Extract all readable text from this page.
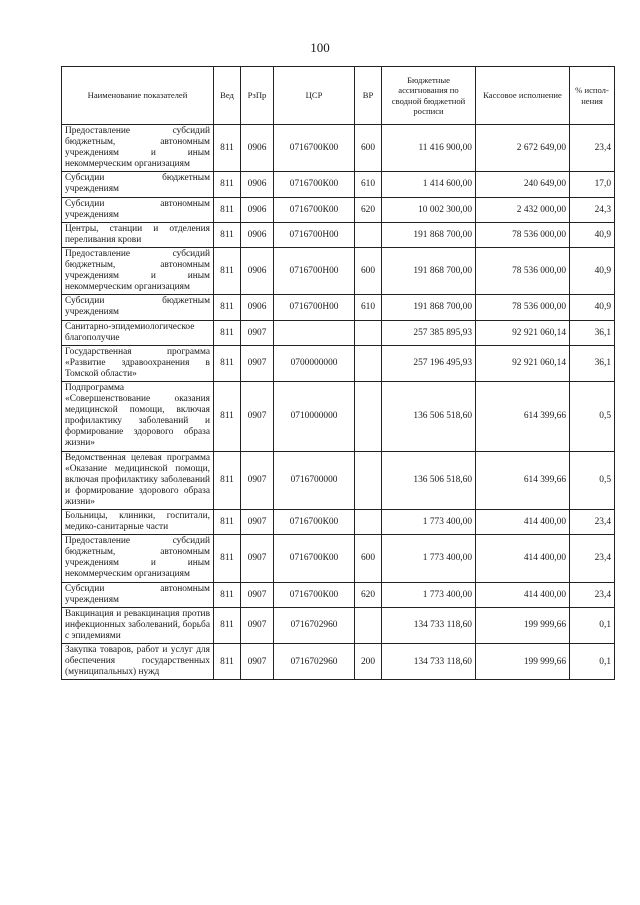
100
Наименование показателей	Вед	РзПр	ЦСР	ВР	Бюджетные ассигнования по сводной бюджетной росписи	Кассовое исполнение	% испол-нения
Предоставление субсидий бюджетным, автономным учреждениям и иным некоммерческим организациям	811	0906	0716700К00	600	11 416 900,00	2 672 649,00	23,4
Субсидии бюджетным учреждениям	811	0906	0716700К00	610	1 414 600,00	240 649,00	17,0
Субсидии автономным учреждениям	811	0906	0716700К00	620	10 002 300,00	2 432 000,00	24,3
Центры, станции и отделения переливания крови	811	0906	0716700Н00		191 868 700,00	78 536 000,00	40,9
Предоставление субсидий бюджетным, автономным учреждениям и иным некоммерческим организациям	811	0906	0716700Н00	600	191 868 700,00	78 536 000,00	40,9
Субсидии бюджетным учреждениям	811	0906	0716700Н00	610	191 868 700,00	78 536 000,00	40,9
Санитарно-эпидемиологическое благополучие	811	0907			257 385 895,93	92 921 060,14	36,1
Государственная программа «Развитие здравоохранения в Томской области»	811	0907	0700000000		257 196 495,93	92 921 060,14	36,1
Подпрограмма «Совершенствование оказания медицинской помощи, включая профилактику заболеваний и формирование здорового образа жизни»	811	0907	0710000000		136 506 518,60	614 399,66	0,5
Ведомственная целевая программа «Оказание медицинской помощи, включая профилактику заболеваний и формирование здорового образа жизни»	811	0907	0716700000		136 506 518,60	614 399,66	0,5
Больницы, клиники, госпитали, медико-санитарные части	811	0907	0716700К00		1 773 400,00	414 400,00	23,4
Предоставление субсидий бюджетным, автономным учреждениям и иным некоммерческим организациям	811	0907	0716700К00	600	1 773 400,00	414 400,00	23,4
Субсидии автономным учреждениям	811	0907	0716700К00	620	1 773 400,00	414 400,00	23,4
Вакцинация и ревакцинация против инфекционных заболеваний, борьба с эпидемиями	811	0907	0716702960		134 733 118,60	199 999,66	0,1
Закупка товаров, работ и услуг для обеспечения государственных (муниципальных) нужд	811	0907	0716702960	200	134 733 118,60	199 999,66	0,1
